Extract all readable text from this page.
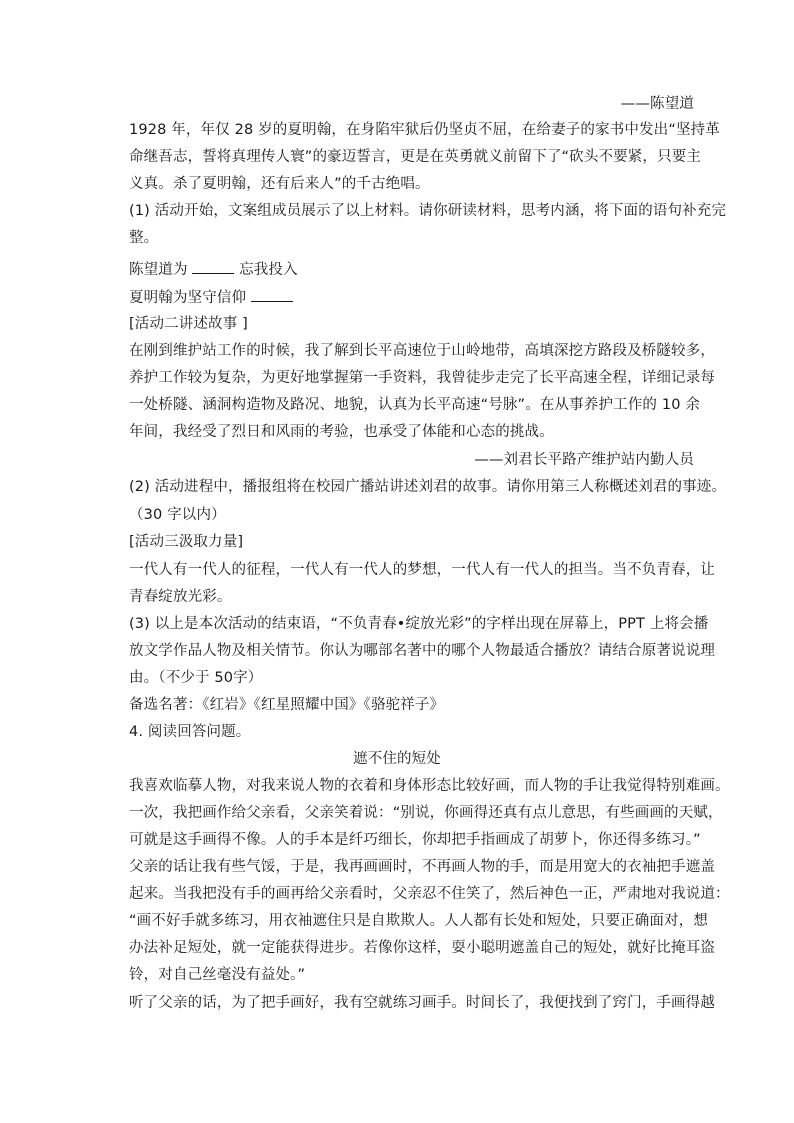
——陈望道
1928 年，年仅 28 岁的夏明翰，在身陷牢狱后仍坚贞不屈，在给妻子的家书中发出“坚持革
命继吾志，誓将真理传人寰”的豪迈誓言，更是在英勇就义前留下了“砍头不要紧，只要主
义真。杀了夏明翰，还有后来人”的千古绝唱。
(1) 活动开始，文案组成员展示了以上材料。请你研读材料，思考内涵，将下面的语句补充完
整。
陈望道为	忘我投入
夏明翰为坚守信仰
[活动二讲述故事 ]
在刚到维护站工作的时候，我了解到长平高速位于山岭地带，高填深挖方路段及桥隧较多，
养护工作较为复杂，为更好地掌握第一手资料，我曾徒步走完了长平高速全程，详细记录每
一处桥隧、涵洞构造物及路况、地貌，认真为长平高速“号脉”。在从事养护工作的 10 余
年间，我经受了烈日和风雨的考验，也承受了体能和心态的挑战。
——刘君长平路产维护站内勤人员
(2) 活动进程中，播报组将在校园广播站讲述刘君的故事。请你用第三人称概述刘君的事迹。
（30 字以内）
[活动三汲取力量]
一代人有一代人的征程，一代人有一代人的梦想，一代人有一代人的担当。当不负青春，让
青春绽放光彩。
(3) 以上是本次活动的结束语，“不负青春•绽放光彩”的字样出现在屏幕上，PPT 上将会播
放文学作品人物及相关情节。你认为哪部名著中的哪个人物最适合播放？请结合原著说说理
由。（不少于 50字）
备选名著：《红岩》《红星照耀中国》《骆驼祥子》
4. 阅读回答问题。
遮不住的短处
我喜欢临摹人物，对我来说人物的衣着和身体形态比较好画，而人物的手让我觉得特别难画。
一次，我把画作给父亲看，父亲笑着说：“别说，你画得还真有点儿意思，有些画画的天赋，
可就是这手画得不像。人的手本是纤巧细长，你却把手指画成了胡萝卜，你还得多练习。”
父亲的话让我有些气馁，于是，我再画画时，不再画人物的手，而是用宽大的衣袖把手遮盖
起来。当我把没有手的画再给父亲看时，父亲忍不住笑了，然后神色一正，严肃地对我说道：
“画不好手就多练习，用衣袖遮住只是自欺欺人。人人都有长处和短处，只要正确面对，想
办法补足短处，就一定能获得进步。若像你这样，耍小聪明遮盖自己的短处，就好比掩耳盗
铃，对自己丝毫没有益处。”
听了父亲的话，为了把手画好，我有空就练习画手。时间长了，我便找到了窍门，手画得越
